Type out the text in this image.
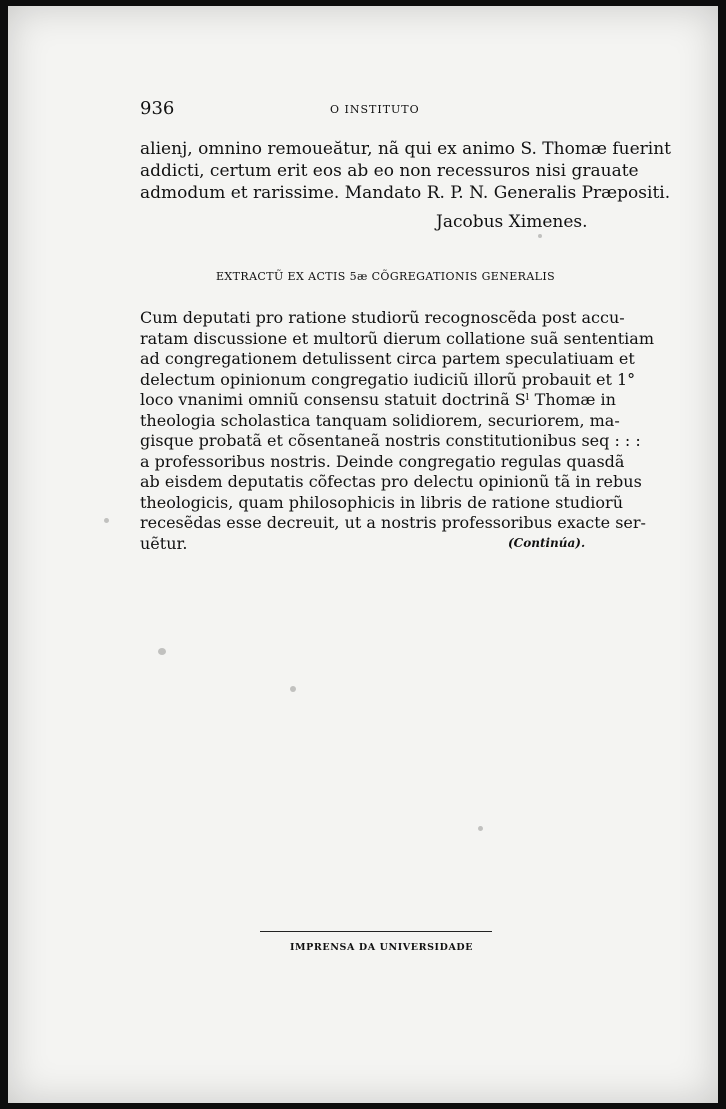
936	O INSTITUTO
alienj, omnino remoueătur, nã qui ex animo S. Thomæ fuerint
addicti, certum erit eos ab eo non recessuros nisi grauate
admodum et rarissime. Mandato R. P. N. Generalis Præpositi.
Jacobus Ximenes.
EXTRACTŨ EX ACTIS 5æ CÕGREGATIONIS GENERALIS
Cum deputati pro ratione studiorũ recognoscẽda post accu-
ratam discussione et multorũ dierum collatione suã sententiam
ad congregationem detulissent circa partem speculatiuam et
delectum opinionum congregatio iudiciũ illorũ probauit et 1°
loco vnanimi omniũ consensu statuit doctrinã Sˡ Thomæ in
theologia scholastica tanquam solidiorem, securiorem, ma-
gisque probatã et cõsentaneã nostris constitutionibus seq : : :
a professoribus nostris. Deinde congregatio regulas quasdã
ab eisdem deputatis cõfectas pro delectu opinionũ tã in rebus
theologicis, quam philosophicis in libris de ratione studiorũ
recesẽdas esse decreuit, ut a nostris professoribus exacte ser-
uẽtur.	(Continúa).
IMPRENSA DA UNIVERSIDADE
